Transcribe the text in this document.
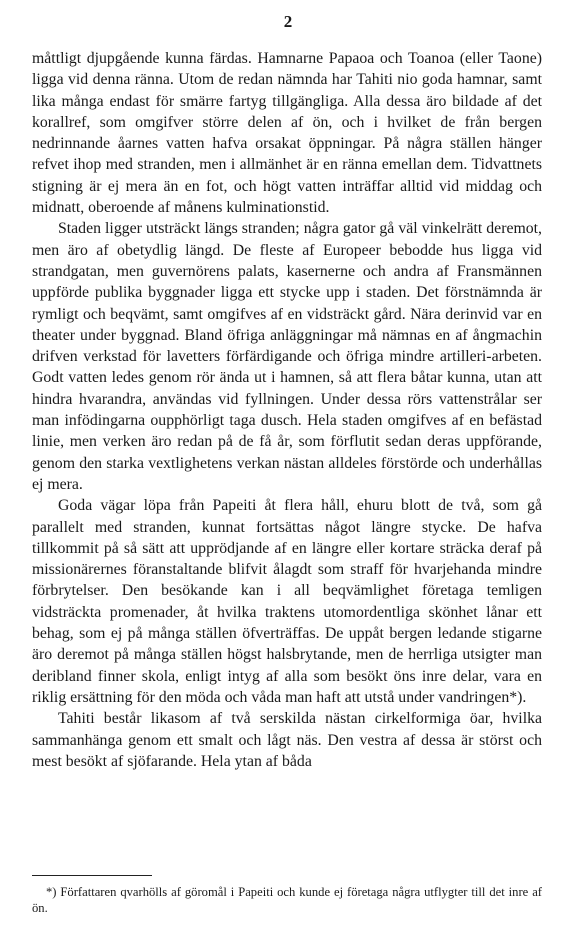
2

måttligt djupgående kunna färdas. Hamnarne Papaoa och Toanoa (eller Taone) ligga vid denna ränna. Utom de redan nämnda har Tahiti nio goda hamnar, samt lika många endast för smärre fartyg tillgängliga. Alla dessa äro bildade af det korallref, som omgifver större delen af ön, och i hvilket de från bergen nedrinnande åarnes vatten hafva orsakat öppningar. På några ställen hänger refvet ihop med stranden, men i allmänhet är en ränna emellan dem. Tidvattnets stigning är ej mera än en fot, och högt vatten inträffar alltid vid middag och midnatt, oberoende af månens kulminationstid.

Staden ligger utsträckt längs stranden; några gator gå väl vinkelrätt deremot, men äro af obetydlig längd. De fleste af Europeer bebodde hus ligga vid strandgatan, men guvernörens palats, kasernerne och andra af Fransmännen uppförde publika byggnader ligga ett stycke upp i staden. Det förstnämnda är rymligt och beqvämt, samt omgifves af en vidsträckt gård. Nära derinvid var en theater under byggnad. Bland öfriga anläggningar må nämnas en af ångmachin drifven verkstad för lavetters förfärdigande och öfriga mindre artilleri-arbeten. Godt vatten ledes genom rör ända ut i hamnen, så att flera båtar kunna, utan att hindra hvarandra, användas vid fyllningen. Under dessa rörs vattenstrålar ser man infödingarna oupphörligt taga dusch. Hela staden omgifves af en befästad linie, men verken äro redan på de få år, som förflutit sedan deras uppförande, genom den starka vextlighetens verkan nästan alldeles förstörde och underhållas ej mera.

Goda vägar löpa från Papeiti åt flera håll, ehuru blott de två, som gå parallelt med stranden, kunnat fortsättas något längre stycke. De hafva tillkommit på så sätt att upprödjande af en längre eller kortare sträcka deraf på missionärernes föranstaltande blifvit ålagdt som straff för hvarjehanda mindre förbrytelser. Den besökande kan i all beqvämlighet företaga temligen vidsträckta promenader, åt hvilka traktens utomordentliga skönhet lånar ett behag, som ej på många ställen öfverträffas. De uppåt bergen ledande stigarne äro deremot på många ställen högst halsbrytande, men de herrliga utsigter man deribland finner skola, enligt intyg af alla som besökt öns inre delar, vara en riklig ersättning för den möda och våda man haft att utstå under vandringen*).

Tahiti består likasom af två serskilda nästan cirkelformiga öar, hvilka sammanhänga genom ett smalt och lågt näs. Den vestra af dessa är störst och mest besökt af sjöfarande. Hela ytan af båda

*) Författaren qvarhölls af göromål i Papeiti och kunde ej företaga några utflygter till det inre af ön.
